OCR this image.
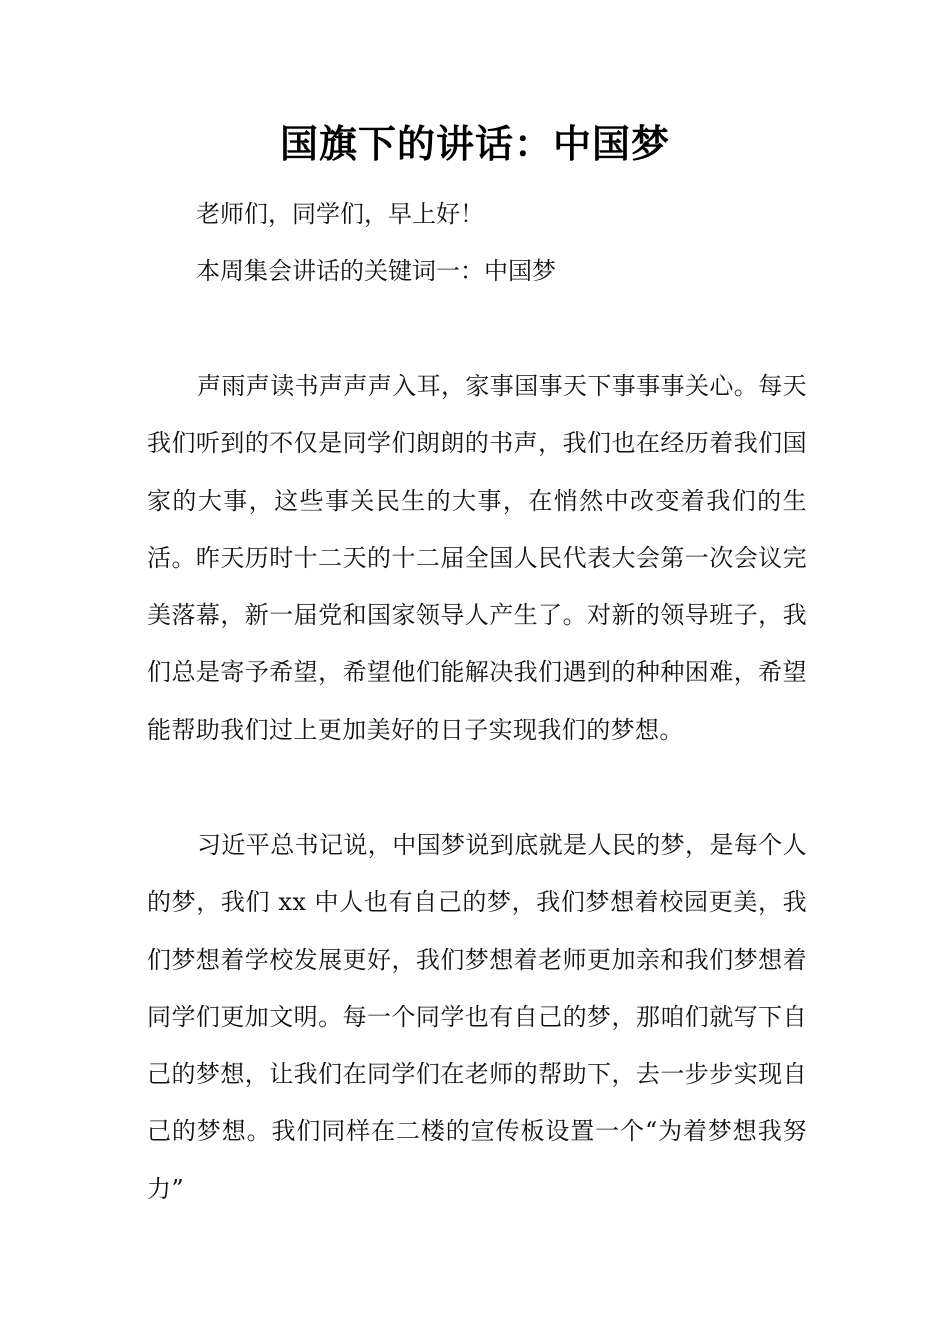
国旗下的讲话：中国梦
老师们，同学们，早上好！
本周集会讲话的关键词一：中国梦

声雨声读书声声声入耳，家事国事天下事事事关心。每天我们听到的不仅是同学们朗朗的书声，我们也在经历着我们国家的大事，这些事关民生的大事，在悄然中改变着我们的生活。昨天历时十二天的十二届全国人民代表大会第一次会议完美落幕，新一届党和国家领导人产生了。对新的领导班子，我们总是寄予希望，希望他们能解决我们遇到的种种困难，希望能帮助我们过上更加美好的日子实现我们的梦想。

习近平总书记说，中国梦说到底就是人民的梦，是每个人的梦，我们 xx 中人也有自己的梦，我们梦想着校园更美，我们梦想着学校发展更好，我们梦想着老师更加亲和我们梦想着同学们更加文明。每一个同学也有自己的梦，那咱们就写下自己的梦想，让我们在同学们在老师的帮助下，去一步步实现自己的梦想。我们同样在二楼的宣传板设置一个“为着梦想我努力”
